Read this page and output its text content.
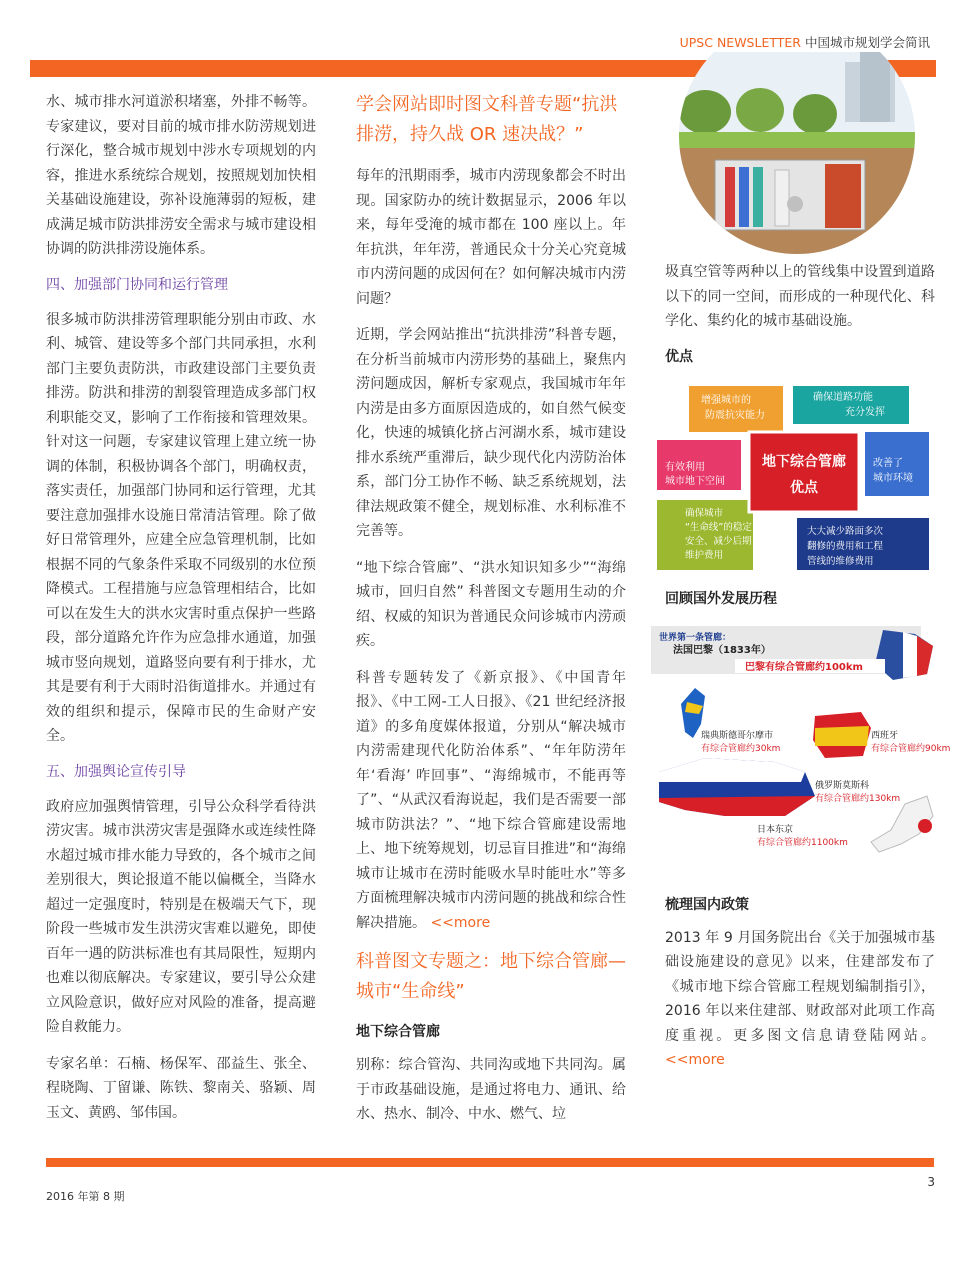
UPSC NEWSLETTER 中国城市规划学会简讯

水、城市排水河道淤积堵塞，外排不畅等。专家建议，要对目前的城市排水防涝规划进行深化，整合城市规划中涉水专项规划的内容，推进水系统综合规划，按照规划加快相关基础设施建设，弥补设施薄弱的短板，建成满足城市防洪排涝安全需求与城市建设相协调的防洪排涝设施体系。

四、加强部门协同和运行管理

很多城市防洪排涝管理职能分别由市政、水利、城管、建设等多个部门共同承担，水利部门主要负责防洪，市政建设部门主要负责排涝。防洪和排涝的割裂管理造成多部门权利职能交叉，影响了工作衔接和管理效果。针对这一问题，专家建议管理上建立统一协调的体制，积极协调各个部门，明确权责，落实责任，加强部门协同和运行管理，尤其要注意加强排水设施日常清洁管理。除了做好日常管理外，应建全应急管理机制，比如根据不同的气象条件采取不同级别的水位预降模式。工程措施与应急管理相结合，比如可以在发生大的洪水灾害时重点保护一些路段，部分道路允许作为应急排水通道，加强城市竖向规划，道路竖向要有利于排水，尤其是要有利于大雨时沿街道排水。并通过有效的组织和提示，保障市民的生命财产安全。

五、加强舆论宣传引导

政府应加强舆情管理，引导公众科学看待洪涝灾害。城市洪涝灾害是强降水或连续性降水超过城市排水能力导致的，各个城市之间差别很大，舆论报道不能以偏概全，当降水超过一定强度时，特别是在极端天气下，现阶段一些城市发生洪涝灾害难以避免，即使百年一遇的防洪标准也有其局限性，短期内也难以彻底解决。专家建议，要引导公众建立风险意识，做好应对风险的准备，提高避险自救能力。

专家名单：石楠、杨保军、邵益生、张全、程晓陶、丁留谦、陈铁、黎南关、骆颖、周玉文、黄鸥、邹伟国。

学会网站即时图文科普专题“抗洪排涝，持久战 OR 速决战？”

每年的汛期雨季，城市内涝现象都会不时出现。国家防办的统计数据显示，2006 年以来，每年受淹的城市都在 100 座以上。年年抗洪，年年涝，普通民众十分关心究竟城市内涝问题的成因何在？如何解决城市内涝问题？

近期，学会网站推出“抗洪排涝”科普专题，在分析当前城市内涝形势的基础上，聚焦内涝问题成因，解析专家观点，我国城市年年内涝是由多方面原因造成的，如自然气候变化，快速的城镇化挤占河湖水系，城市建设排水系统严重滞后，缺少现代化内涝防治体系，部门分工协作不畅、缺乏系统规划，法律法规政策不健全，规划标准、水利标准不完善等。

“地下综合管廊”、“洪水知识知多少”“海绵城市，回归自然” 科普图文专题用生动的介绍、权威的知识为普通民众问诊城市内涝顽疾。

科普专题转发了《新京报》、《中国青年报》、《中工网-工人日报》、《21 世纪经济报道》的多角度媒体报道，分别从“解决城市内涝需建现代化防治体系”、“年年防涝年年‘看海’ 咋回事”、“海绵城市，不能再等了”、“从武汉看海说起，我们是否需要一部城市防洪法？”、“地下综合管廊建设需地上、地下统筹规划，切忌盲目推进”和“海绵城市让城市在涝时能吸水旱时能吐水”等多方面梳理解决城市内涝问题的挑战和综合性解决措施。 <<more

科普图文专题之：地下综合管廊—城市“生命线”
地下综合管廊

别称：综合管沟、共同沟或地下共同沟。属于市政基础设施，是通过将电力、通讯、给水、热水、制冷、中水、燃气、垃

圾真空管等两种以上的管线集中设置到道路以下的同一空间，而形成的一种现代化、科学化、集约化的城市基础设施。

优点
增强城市的
防震抗灾能力
确保道路功能
充分发挥
有效利用
城市地下空间
改善了
城市环境
确保城市
“生命线”的稳定
安全、减少后期
维护费用
大大减少路面多次
翻修的费用和工程
管线的维修费用
地下综合管廊
优点
回顾国外发展历程
世界第一条管廊：
法国巴黎（1833年）
巴黎有综合管廊约100km
瑞典斯德哥尔摩市
有综合管廊约30km
西班牙
有综合管廊约90km
俄罗斯莫斯科
有综合管廊约130km
日本东京
有综合管廊约1100km
梳理国内政策

2013 年 9 月国务院出台《关于加强城市基础设施建设的意见》以来，住建部发布了《城市地下综合管廊工程规划编制指引》，2016 年以来住建部、财政部对此项工作高度重视。更多图文信息请登陆网站。 <<more

2016 年第 8 期
3
